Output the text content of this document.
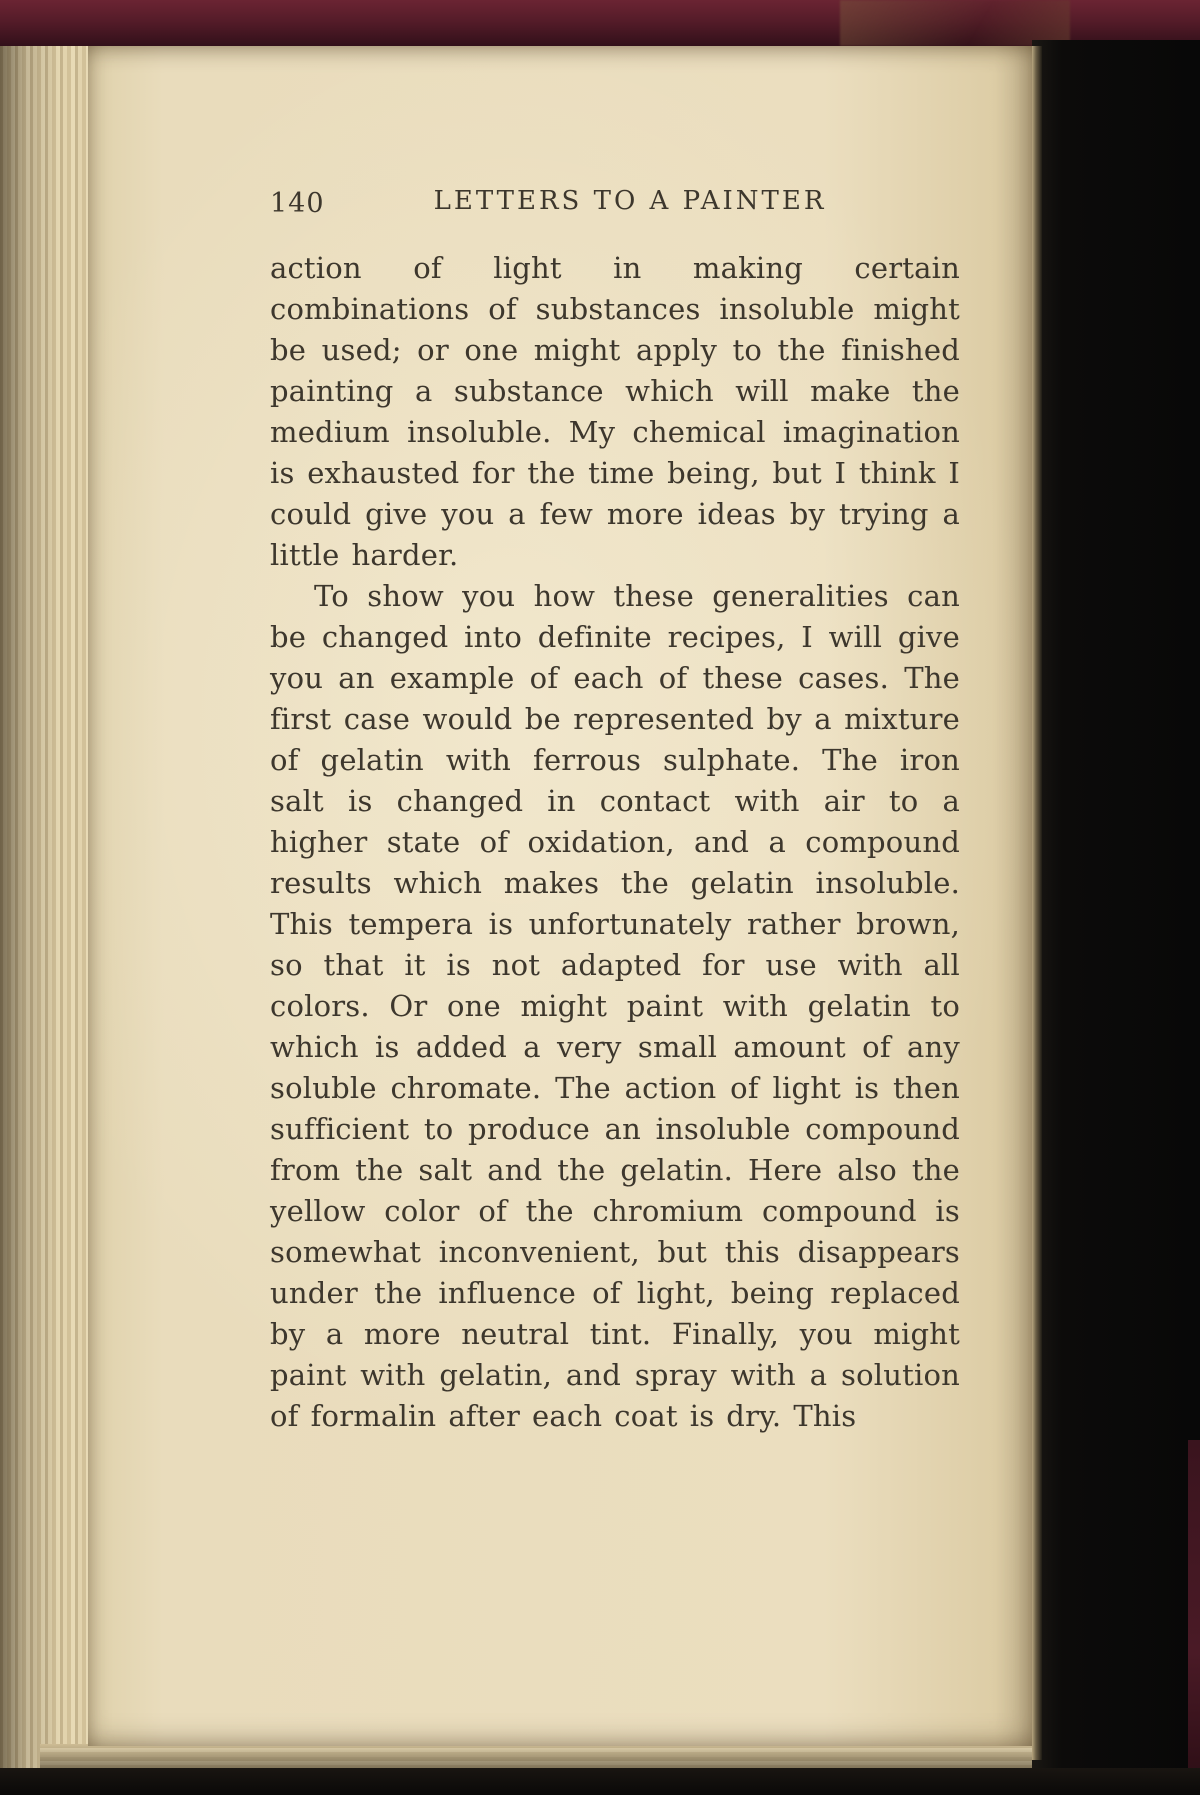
140	LETTERS TO A PAINTER

action of light in making certain combinations of substances insoluble might be used; or one might apply to the finished painting a substance which will make the medium insoluble. My chemical imagination is exhausted for the time being, but I think I could give you a few more ideas by trying a little harder.

To show you how these generalities can be changed into definite recipes, I will give you an example of each of these cases. The first case would be represented by a mixture of gelatin with ferrous sulphate. The iron salt is changed in contact with air to a higher state of oxidation, and a compound results which makes the gelatin insoluble. This tempera is unfortunately rather brown, so that it is not adapted for use with all colors. Or one might paint with gelatin to which is added a very small amount of any soluble chromate. The action of light is then sufficient to produce an insoluble compound from the salt and the gelatin. Here also the yellow color of the chromium compound is somewhat inconvenient, but this disappears under the influence of light, being replaced by a more neutral tint. Finally, you might paint with gelatin, and spray with a solution of formalin after each coat is dry. This
